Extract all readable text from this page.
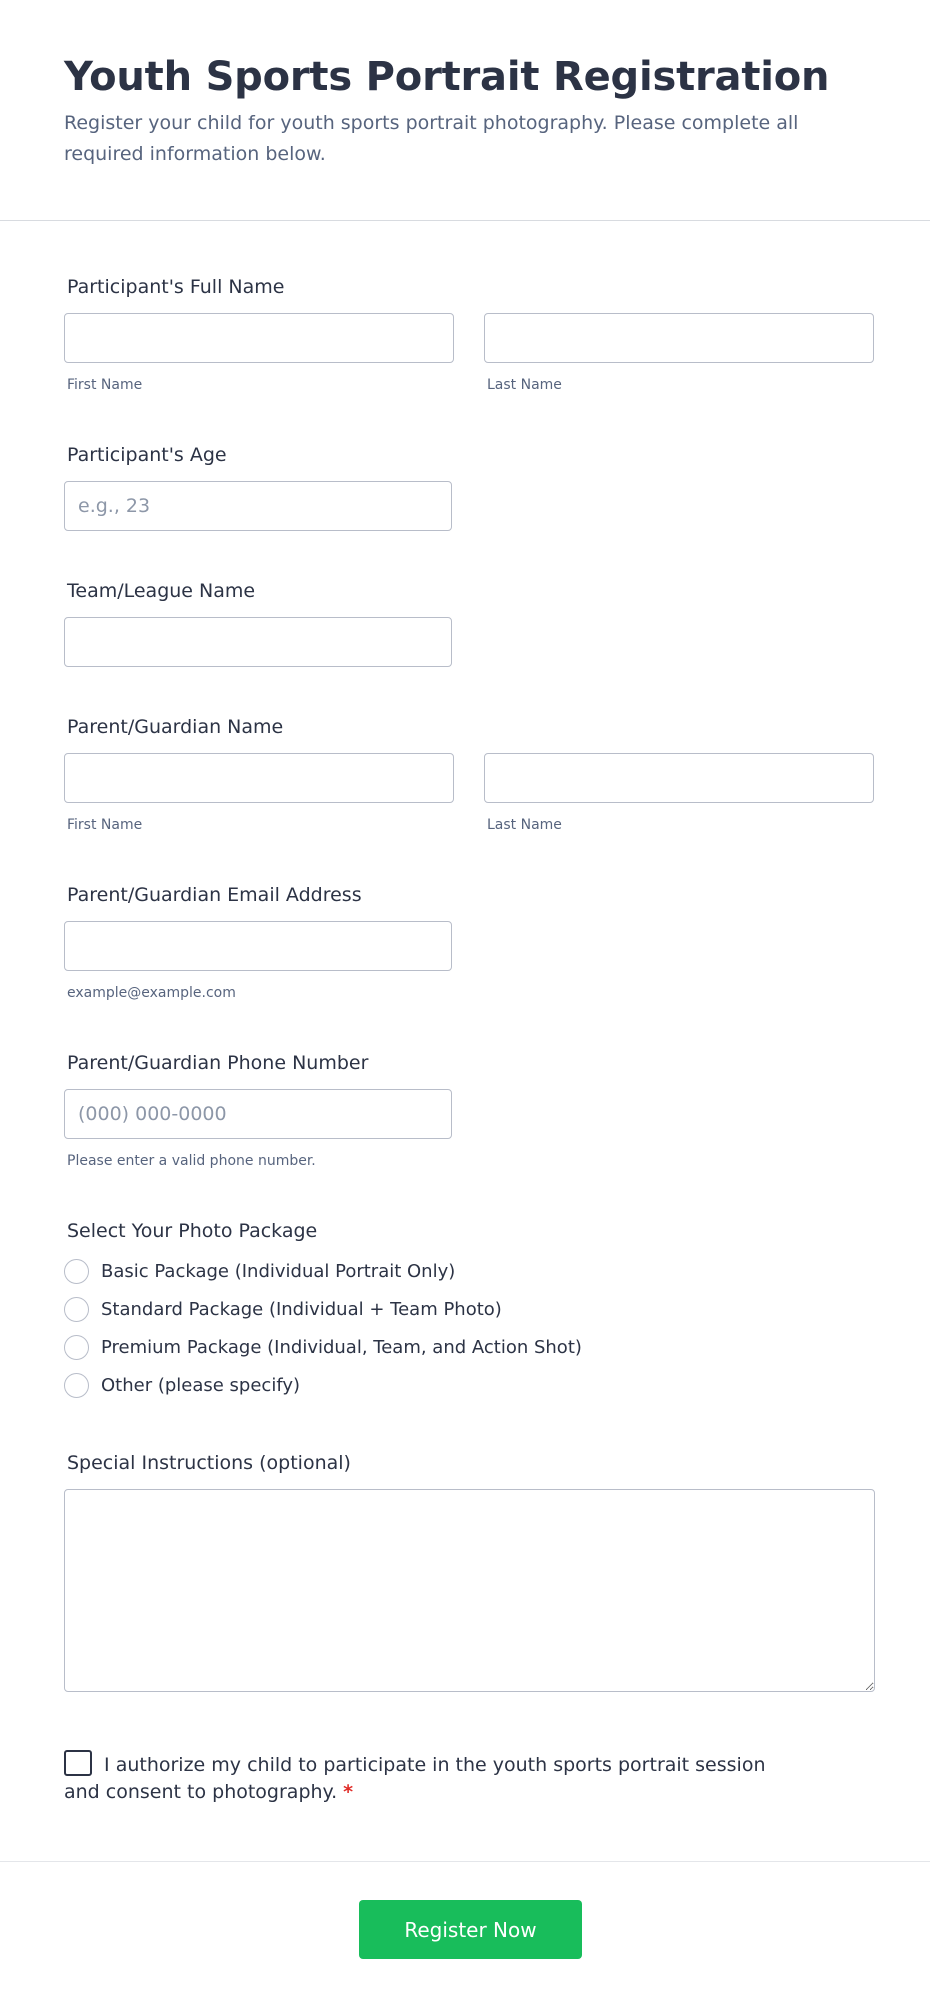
Youth Sports Portrait Registration

Register your child for youth sports portrait photography. Please complete all required information below.

Participant's Full Name
First Name	Last Name
Participant's Age
e.g., 23
Team/League Name
Parent/Guardian Name
First Name	Last Name
Parent/Guardian Email Address
example@example.com
Parent/Guardian Phone Number
(000) 000-0000
Please enter a valid phone number.
Select Your Photo Package
Basic Package (Individual Portrait Only)
Standard Package (Individual + Team Photo)
Premium Package (Individual, Team, and Action Shot)
Other (please specify)
Special Instructions (optional)
I authorize my child to participate in the youth sports portrait session and consent to photography. *
Register Now
